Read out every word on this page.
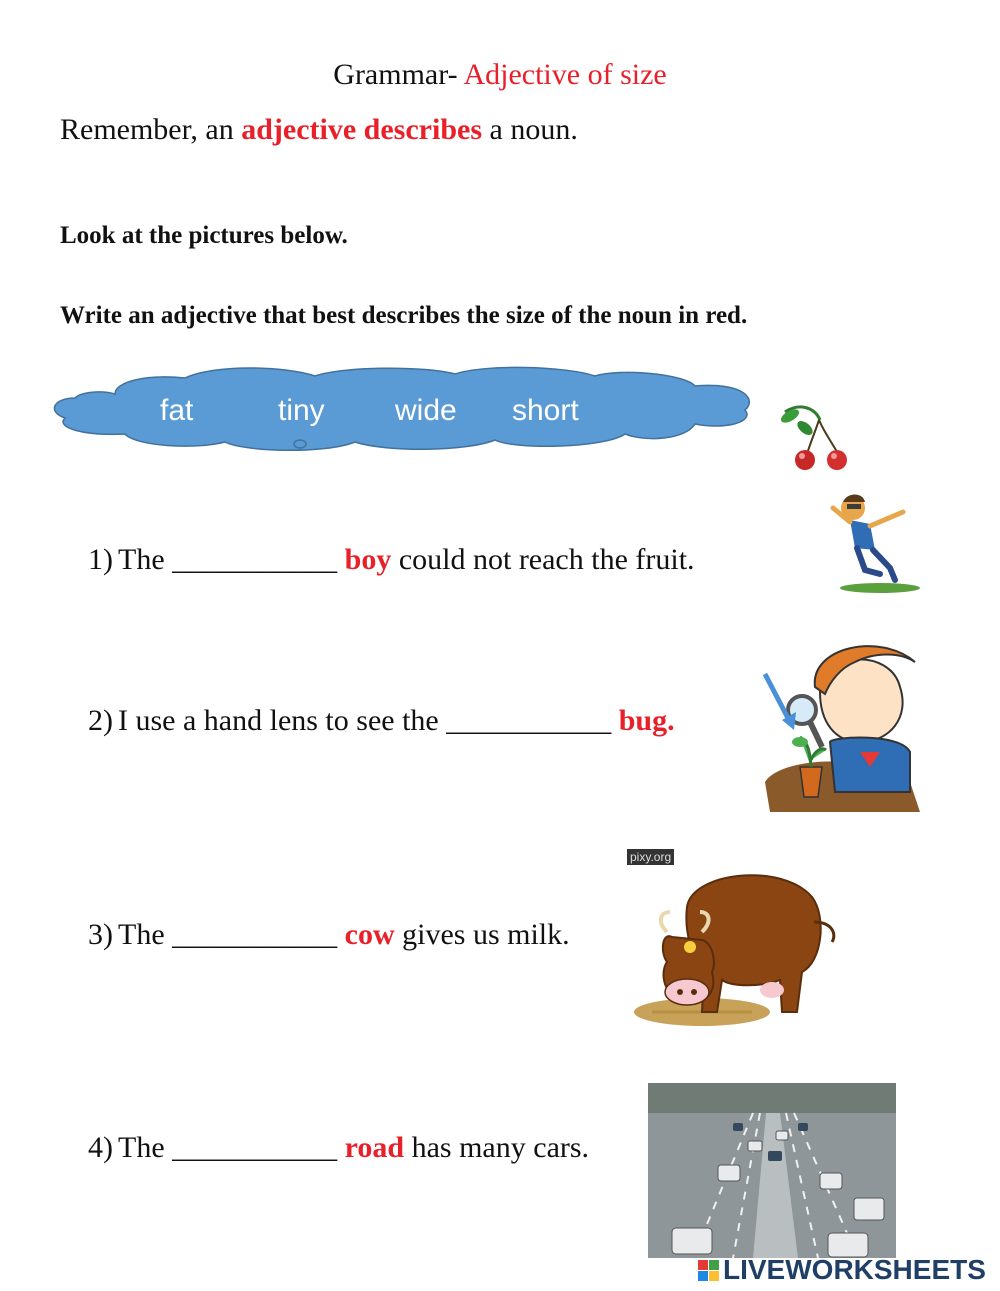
Grammar- Adjective of size
Remember, an adjective describes a noun.
Look at the pictures below.
Write an adjective that best describes the size of the noun in red.
fat	tiny wide short
pixy.org
1) The ___________ boy could not reach the fruit.
2) I use a hand lens to see the ___________ bug.
3) The ___________ cow gives us milk.
4) The ___________ road has many cars.
LIVEWORKSHEETS
